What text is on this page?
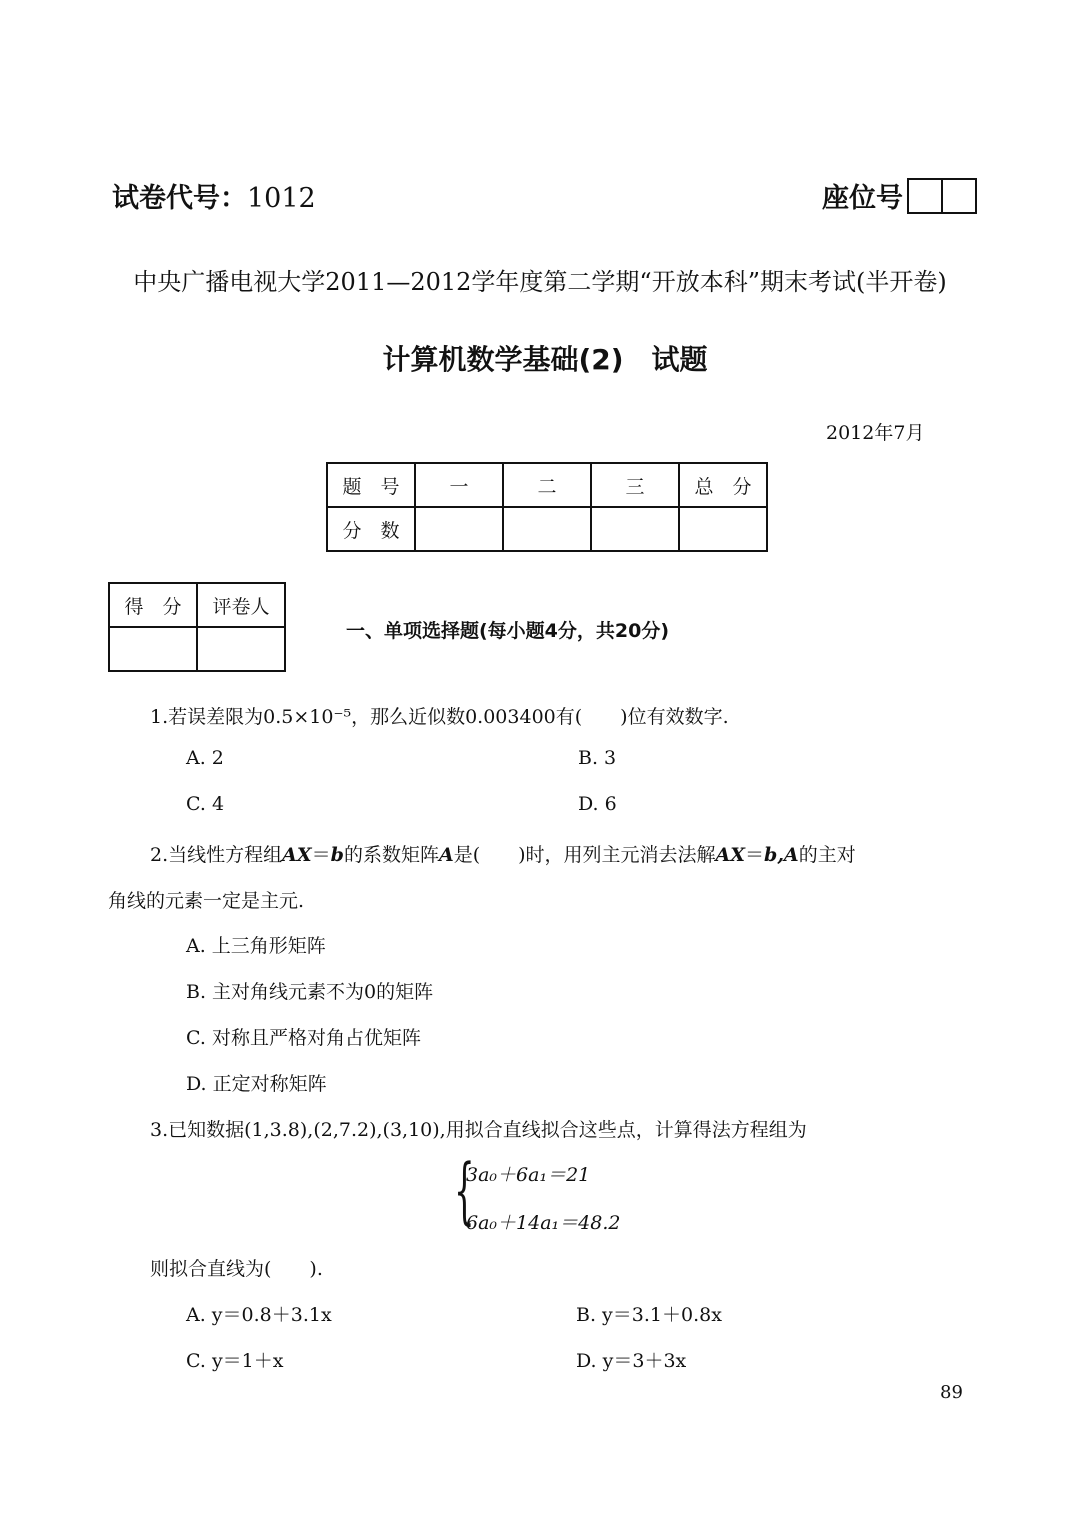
试卷代号：1012	座位号
中央广播电视大学2011—2012学年度第二学期“开放本科”期末考试(半开卷)
计算机数学基础(2)　试题
2012年7月
题　号	一	二	三	总　分
分　数				
得　分	评卷人

一、单项选择题(每小题4分，共20分)
1.若误差限为0.5×10⁻⁵，那么近似数0.003400有(　　)位有效数字.
A. 2	B. 3
C. 4	D. 6
2.当线性方程组AX＝b的系数矩阵A是(　　)时，用列主元消去法解AX＝b,A的主对
角线的元素一定是主元.
A. 上三角形矩阵
B. 主对角线元素不为0的矩阵
C. 对称且严格对角占优矩阵
D. 正定对称矩阵
3.已知数据(1,3.8),(2,7.2),(3,10),用拟合直线拟合这些点，计算得法方程组为
{
3a₀＋6a₁＝21
6a₀＋14a₁＝48.2
则拟合直线为(　　).
A. y＝0.8＋3.1x	B. y＝3.1＋0.8x
C. y＝1＋x	D. y＝3＋3x
89
